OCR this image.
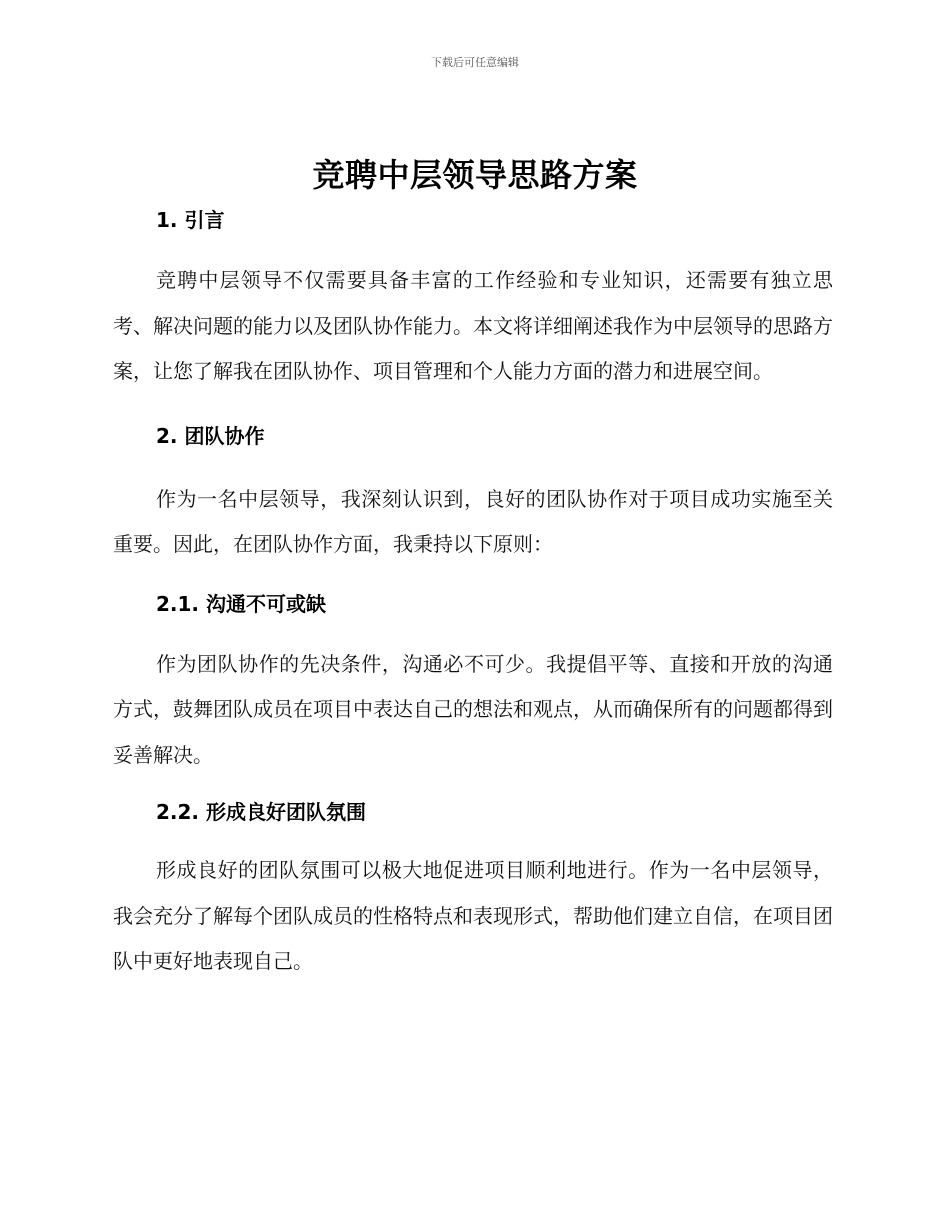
下载后可任意编辑
竞聘中层领导思路方案
1. 引言

竞聘中层领导不仅需要具备丰富的工作经验和专业知识，还需要有独立思考、解决问题的能力以及团队协作能力。本文将详细阐述我作为中层领导的思路方案，让您了解我在团队协作、项目管理和个人能力方面的潜力和进展空间。

2. 团队协作

作为一名中层领导，我深刻认识到，良好的团队协作对于项目成功实施至关重要。因此，在团队协作方面，我秉持以下原则：

2.1. 沟通不可或缺

作为团队协作的先决条件，沟通必不可少。我提倡平等、直接和开放的沟通方式，鼓舞团队成员在项目中表达自己的想法和观点，从而确保所有的问题都得到妥善解决。

2.2. 形成良好团队氛围

形成良好的团队氛围可以极大地促进项目顺利地进行。作为一名中层领导，我会充分了解每个团队成员的性格特点和表现形式，帮助他们建立自信，在项目团队中更好地表现自己。
